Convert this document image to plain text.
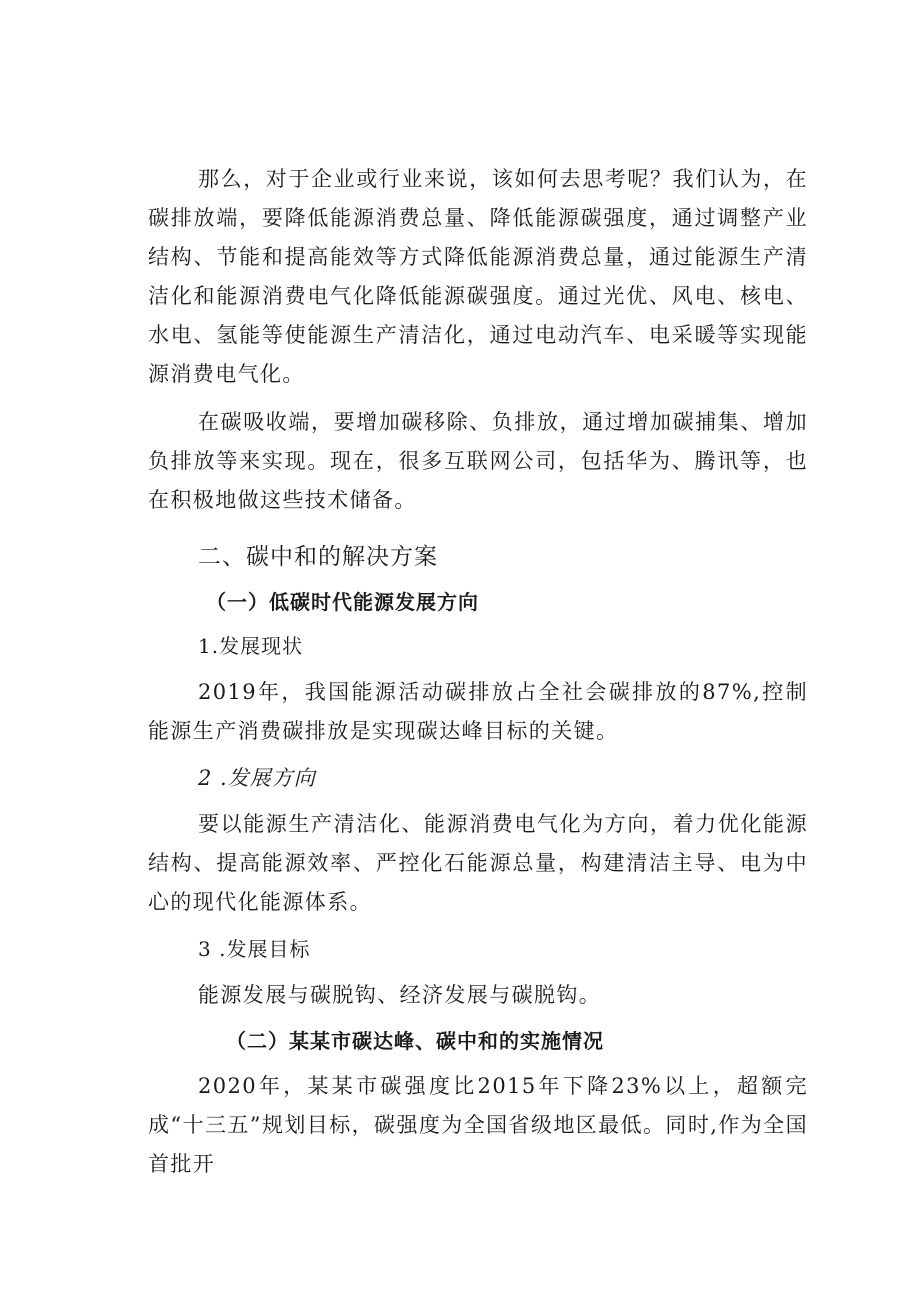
那么，对于企业或行业来说，该如何去思考呢？我们认为，在碳排放端，要降低能源消费总量、降低能源碳强度，通过调整产业结构、节能和提高能效等方式降低能源消费总量，通过能源生产清洁化和能源消费电气化降低能源碳强度。通过光优、风电、核电、水电、氢能等使能源生产清洁化，通过电动汽车、电采暖等实现能源消费电气化。

在碳吸收端，要增加碳移除、负排放，通过增加碳捕集、增加负排放等来实现。现在，很多互联网公司，包括华为、腾讯等，也在积极地做这些技术储备。

二、碳中和的解决方案
（一）低碳时代能源发展方向
1.发展现状

2019年，我国能源活动碳排放占全社会碳排放的87%,控制能源生产消费碳排放是实现碳达峰目标的关键。

2 .发展方向

要以能源生产清洁化、能源消费电气化为方向，着力优化能源结构、提高能源效率、严控化石能源总量，构建清洁主导、电为中心的现代化能源体系。

3 .发展目标

能源发展与碳脱钩、经济发展与碳脱钩。

（二）某某市碳达峰、碳中和的实施情况

2020年，某某市碳强度比2015年下降23%以上，超额完成“十三五”规划目标，碳强度为全国省级地区最低。同时,作为全国首批开
